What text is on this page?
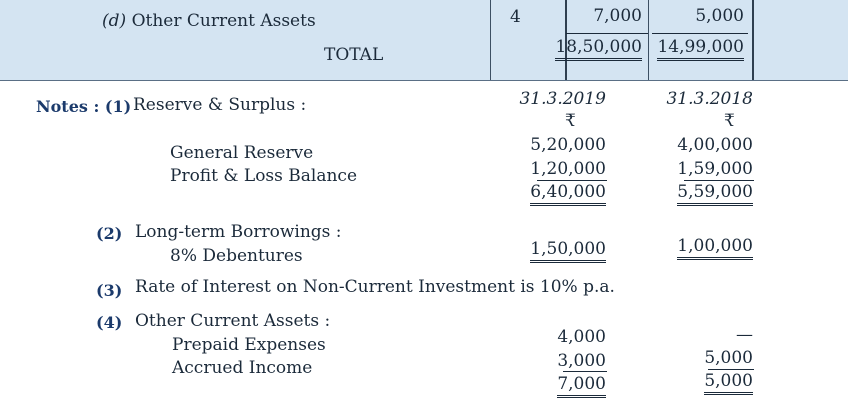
(d) Other Current Assets	4	7,000	5,000
TOTAL	18,50,000 14,99,000
Notes : (1) Reserve & Surplus :	31.3.2019	31.3.2018
₹	₹
General Reserve	5,20,000	4,00,000
Profit & Loss Balance	1,20,000	1,59,000
6,40,000	5,59,000
(2) Long-term Borrowings :
8% Debentures	1,50,000	1,00,000
(3) Rate of Interest on Non-Current Investment is 10% p.a.
(4) Other Current Assets :
Prepaid Expenses	4,000	—
Accrued Income	3,000	5,000
7,000	5,000
